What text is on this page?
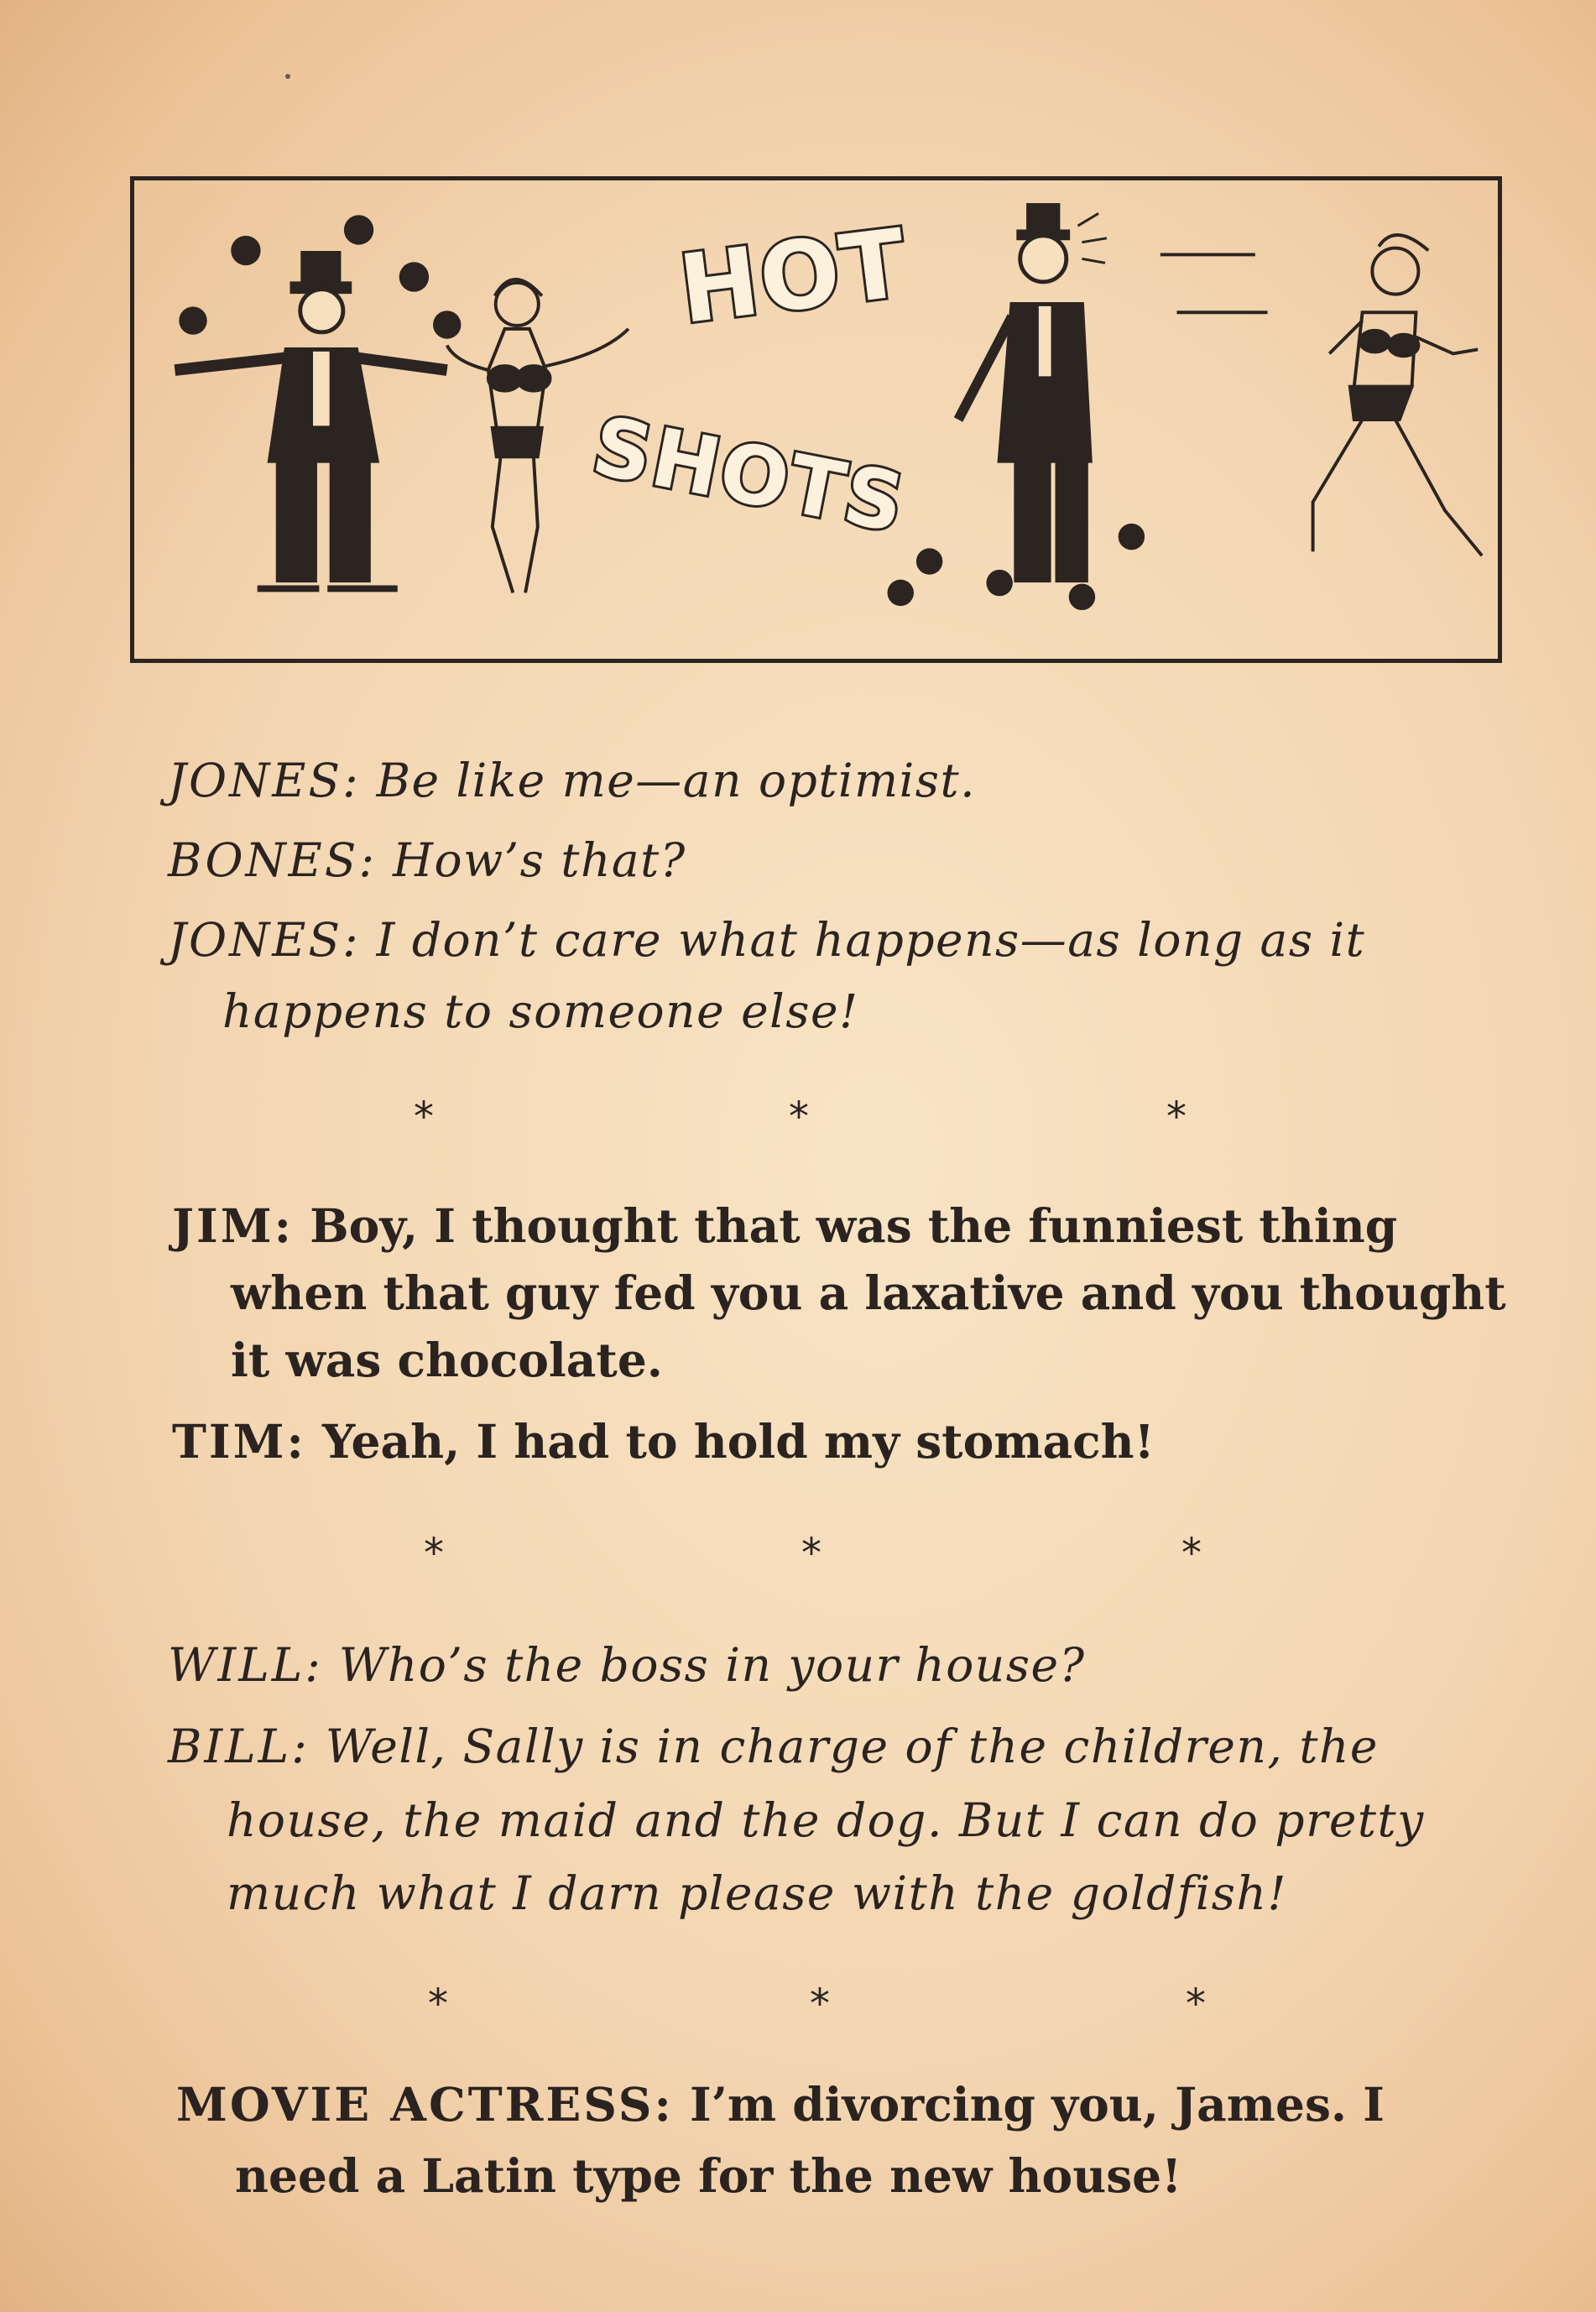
HOT
SHOTS
JONES: Be like me—an optimist.
BONES: How’s that?
JONES: I don’t care what happens—as long as it
happens to someone else!
*	*	*
JIM: Boy, I thought that was the funniest thing
when that guy fed you a laxative and you thought
it was chocolate.
TIM: Yeah, I had to hold my stomach!
*	*	*
WILL: Who’s the boss in your house?
BILL: Well, Sally is in charge of the children, the
house, the maid and the dog. But I can do pretty
much what I darn please with the goldfish!
*	*	*
MOVIE ACTRESS: I’m divorcing you, James. I
need a Latin type for the new house!
